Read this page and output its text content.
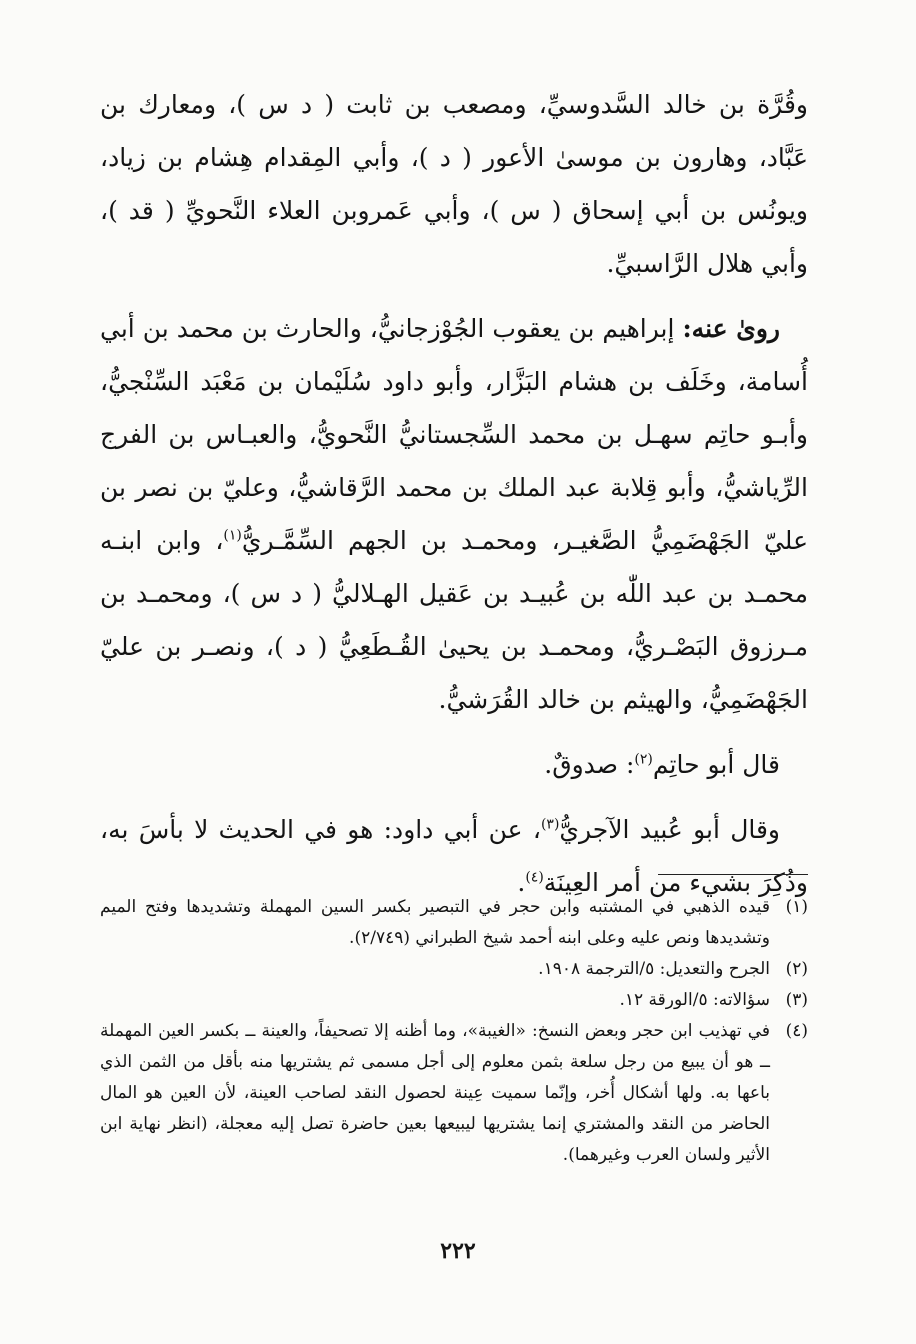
وقُرَّة بن خالد السَّدوسيِّ، ومصعب بن ثابت ( د س )، ومعارك بن عَبَّاد، وهارون بن موسىٰ الأعور ( د )، وأبي المِقدام هِشام بن زياد، ويونُس بن أبي إسحاق ( س )، وأبي عَمروبن العلاء النَّحويِّ ( قد )، وأبي هلال الرَّاسبيِّ.

روىٰ عنه: إبراهيم بن يعقوب الجُوْزجانيُّ، والحارث بن محمد بن أبي أُسامة، وخَلَف بن هشام البَزَّار، وأبو داود سُلَيْمان بن مَعْبَد السِّنْجيُّ، وأبـو حاتِم سهـل بن محمد السِّجستانيُّ النَّحويُّ، والعبـاس بن الفرج الرِّياشيُّ، وأبو قِلابة عبد الملك بن محمد الرَّقاشيُّ، وعليّ بن نصر بن عليّ الجَهْضَمِيُّ الصَّغيـر، ومحمـد بن الجهم السِّمَّـريُّ$^{(١)}$، وابن ابنـه محمـد بن عبد اللّٰه بن عُبيـد بن عَقيل الهـلاليُّ ( د س )، ومحمـد بن مـرزوق البَصْـريُّ، ومحمـد بن يحيىٰ القُـطَعِيُّ ( د )، ونصـر بن عليّ الجَهْضَمِيُّ، والهيثم بن خالد القُرَشيُّ.

قال أبو حاتِم$^{(٢)}$: صدوقٌ.

وقال أبو عُبيد الآجريُّ$^{(٣)}$، عن أبي داود: هو في الحديث لا بأسَ به، وذُكِرَ بشيء من أمر العِينَة$^{(٤)}$.

(١)
قيده الذهبي في المشتبه وابن حجر في التبصير بكسر السين المهملة وتشديدها وفتح الميم وتشديدها ونص عليه وعلى ابنه أحمد شيخ الطبراني (٢/٧٤٩).
(٢)
الجرح والتعديل: ٥/الترجمة ١٩٠٨.
(٣)
سؤالاته: ٥/الورقة ١٢.
(٤)
في تهذيب ابن حجر وبعض النسخ: «الغيبة»، وما أظنه إلا تصحيفاً، والعينة ــ بكسر العين المهملة ــ هو أن يبيع من رجل سلعة بثمن معلوم إلى أجل مسمى ثم يشتريها منه بأقل من الثمن الذي باعها به. ولها أشكال أُخر، وإنّما سميت عِينة لحصول النقد لصاحب العينة، لأن العين هو المال الحاضر من النقد والمشتري إنما يشتريها ليبيعها بعين حاضرة تصل إليه معجلة، (انظر نهاية ابن الأثير ولسان العرب وغيرهما).
٢٢٢
